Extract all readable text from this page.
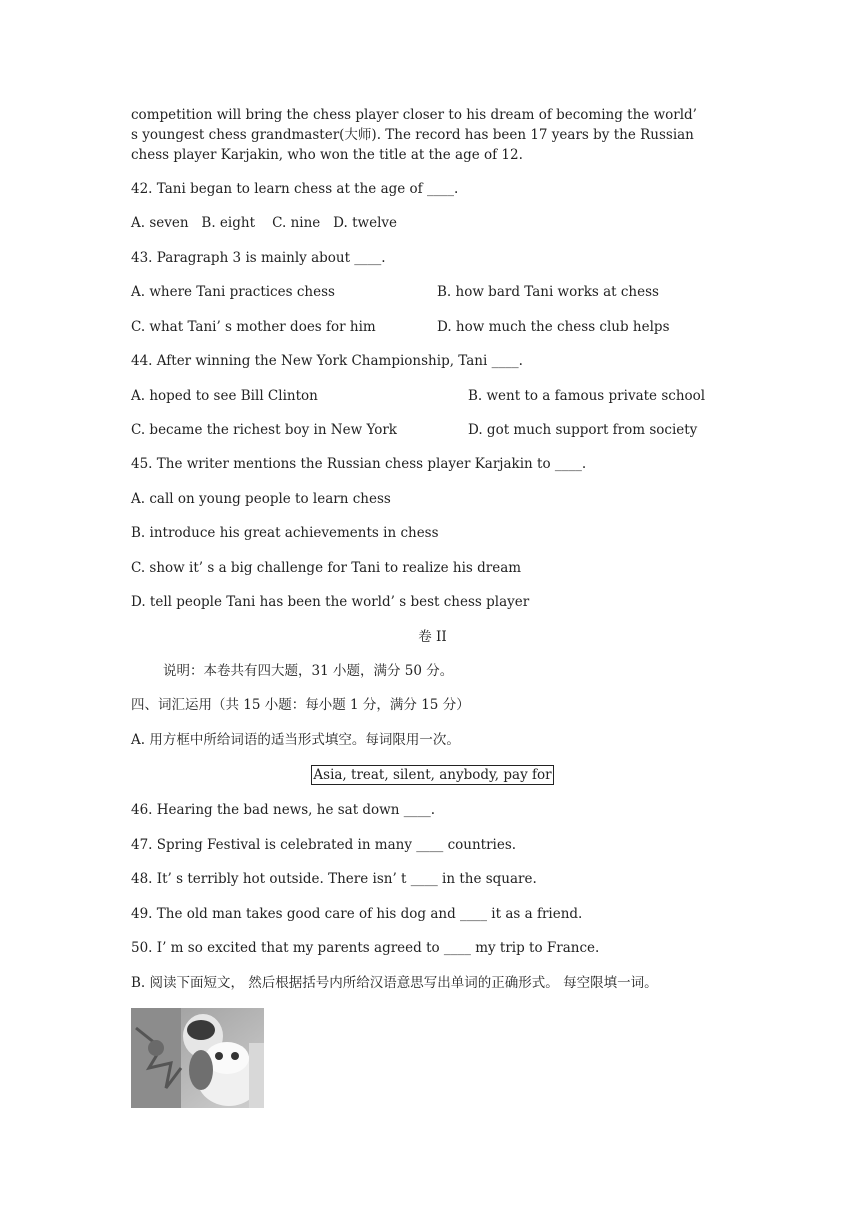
competition will bring the chess player closer to his dream of becoming the world’
s youngest chess grandmaster(大师). The record has been 17 years by the Russian
chess player Karjakin, who won the title at the age of 12.
42. Tani began to learn chess at the age of ____.
A. seven   B. eight    C. nine   D. twelve
43. Paragraph 3 is mainly about ____.
A. where Tani practices chess	B. how bard Tani works at chess
C. what Tani’ s mother does for him	D. how much the chess club helps
44. After winning the New York Championship, Tani ____.
A. hoped to see Bill Clinton	B. went to a famous private school
C. became the richest boy in New York	D. got much support from society
45. The writer mentions the Russian chess player Karjakin to ____.
A. call on young people to learn chess
B. introduce his great achievements in chess
C. show it’ s a big challenge for Tani to realize his dream
D. tell people Tani has been the world’ s best chess player
卷 II
说明：本卷共有四大题，31 小题，满分 50 分。
四、词汇运用（共 15 小题：每小题 1 分，满分 15 分）
A. 用方框中所给词语的适当形式填空。每词限用一次。
Asia, treat, silent, anybody, pay for
46. Hearing the bad news, he sat down ____.
47. Spring Festival is celebrated in many ____ countries.
48. It’ s terribly hot outside. There isn’ t ____ in the square.
49. The old man takes good care of his dog and ____ it as a friend.
50. I’ m so excited that my parents agreed to ____ my trip to France.
B. 阅读下面短文， 然后根据括号内所给汉语意思写出单词的正确形式。 每空限填一词。
